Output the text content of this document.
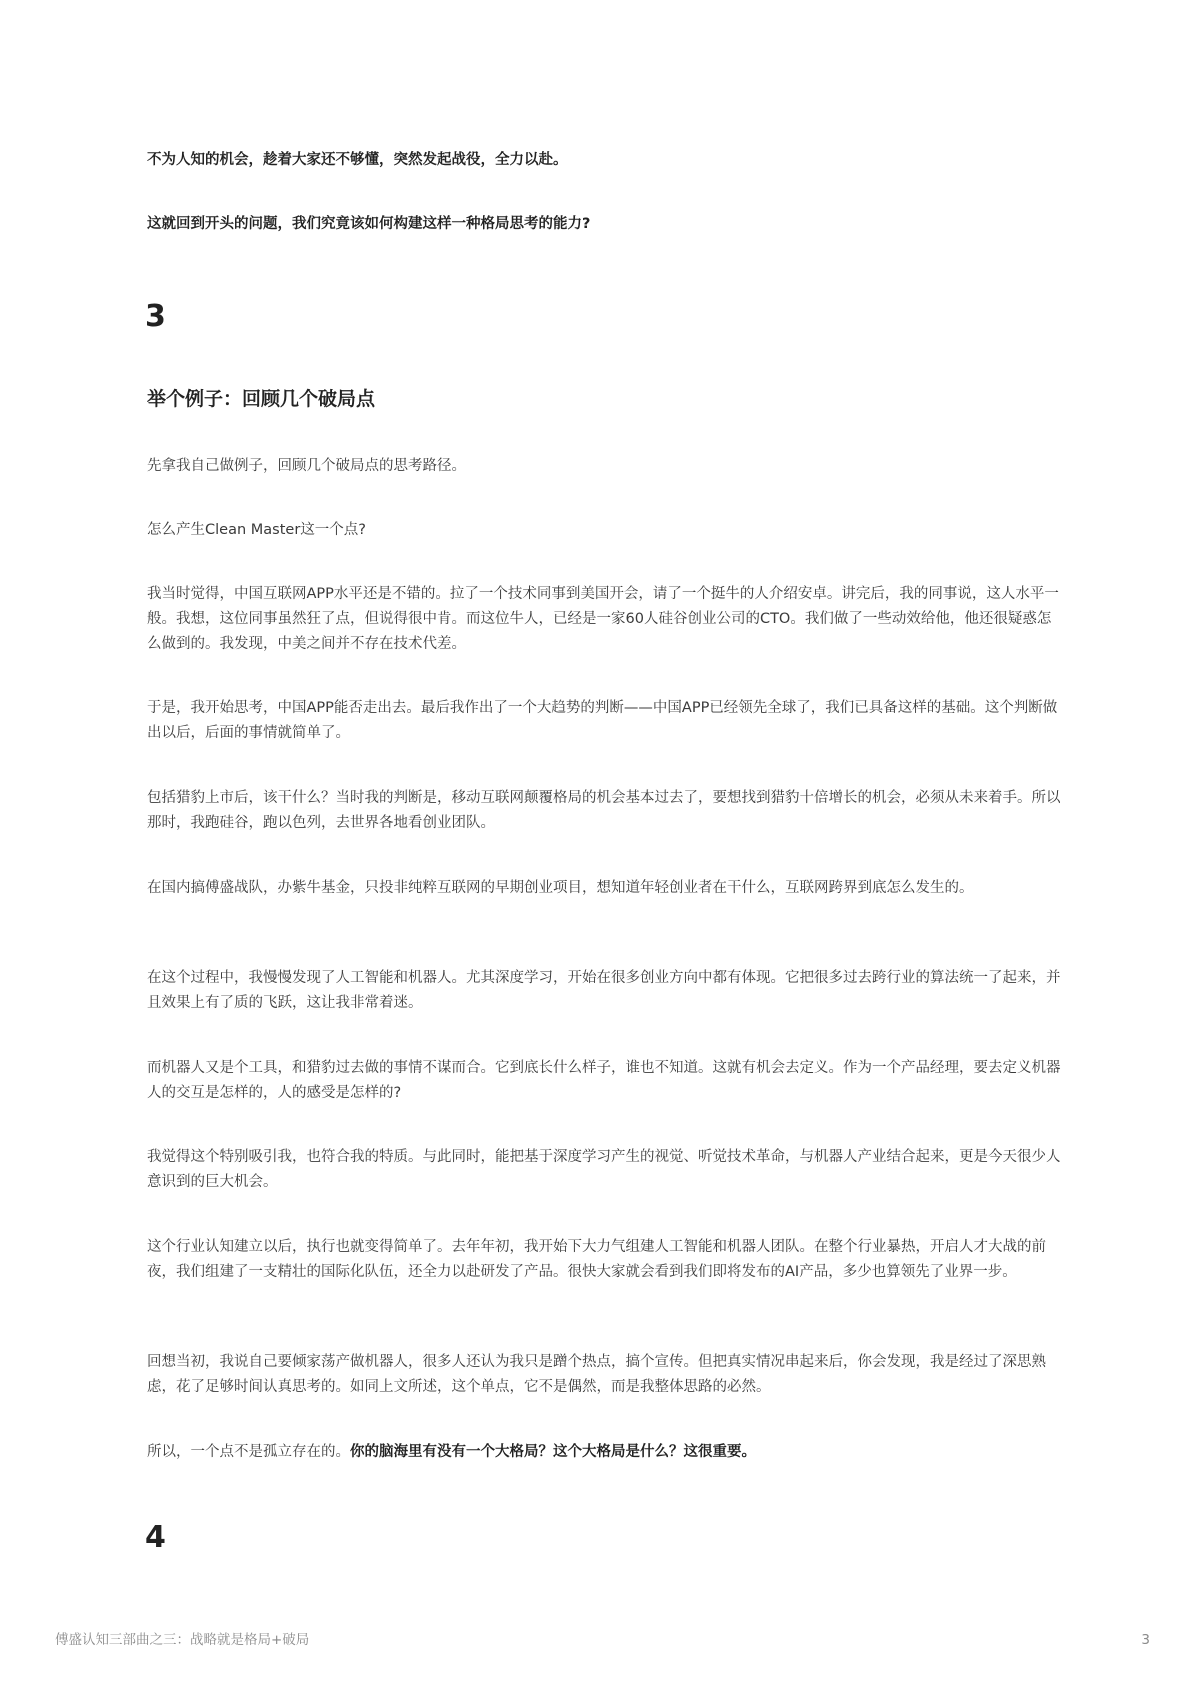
不为人知的机会，趁着大家还不够懂，突然发起战役，全力以赴。

这就回到开头的问题，我们究竟该如何构建这样一种格局思考的能力?

3
举个例子：回顾几个破局点

先拿我自己做例子，回顾几个破局点的思考路径。

怎么产生Clean Master这一个点?

我当时觉得，中国互联网APP水平还是不错的。拉了一个技术同事到美国开会，请了一个挺牛的人介绍安卓。讲完后，我的同事说，这人水平一般。我想，这位同事虽然狂了点，但说得很中肯。而这位牛人，已经是一家60人硅谷创业公司的CTO。我们做了一些动效给他，他还很疑惑怎么做到的。我发现，中美之间并不存在技术代差。

于是，我开始思考，中国APP能否走出去。最后我作出了一个大趋势的判断——中国APP已经领先全球了，我们已具备这样的基础。这个判断做出以后，后面的事情就简单了。

包括猎豹上市后，该干什么？当时我的判断是，移动互联网颠覆格局的机会基本过去了，要想找到猎豹十倍增长的机会，必须从未来着手。所以那时，我跑硅谷，跑以色列，去世界各地看创业团队。

在国内搞傅盛战队，办紫牛基金，只投非纯粹互联网的早期创业项目，想知道年轻创业者在干什么，互联网跨界到底怎么发生的。

在这个过程中，我慢慢发现了人工智能和机器人。尤其深度学习，开始在很多创业方向中都有体现。它把很多过去跨行业的算法统一了起来，并且效果上有了质的飞跃，这让我非常着迷。

而机器人又是个工具，和猎豹过去做的事情不谋而合。它到底长什么样子，谁也不知道。这就有机会去定义。作为一个产品经理，要去定义机器人的交互是怎样的，人的感受是怎样的?

我觉得这个特别吸引我，也符合我的特质。与此同时，能把基于深度学习产生的视觉、听觉技术革命，与机器人产业结合起来，更是今天很少人意识到的巨大机会。

这个行业认知建立以后，执行也就变得简单了。去年年初，我开始下大力气组建人工智能和机器人团队。在整个行业暴热，开启人才大战的前夜，我们组建了一支精壮的国际化队伍，还全力以赴研发了产品。很快大家就会看到我们即将发布的AI产品，多少也算领先了业界一步。

回想当初，我说自己要倾家荡产做机器人，很多人还认为我只是蹭个热点，搞个宣传。但把真实情况串起来后，你会发现，我是经过了深思熟虑，花了足够时间认真思考的。如同上文所述，这个单点，它不是偶然，而是我整体思路的必然。

所以，一个点不是孤立存在的。你的脑海里有没有一个大格局？这个大格局是什么？这很重要。

4
傅盛认知三部曲之三：战略就是格局+破局	3
